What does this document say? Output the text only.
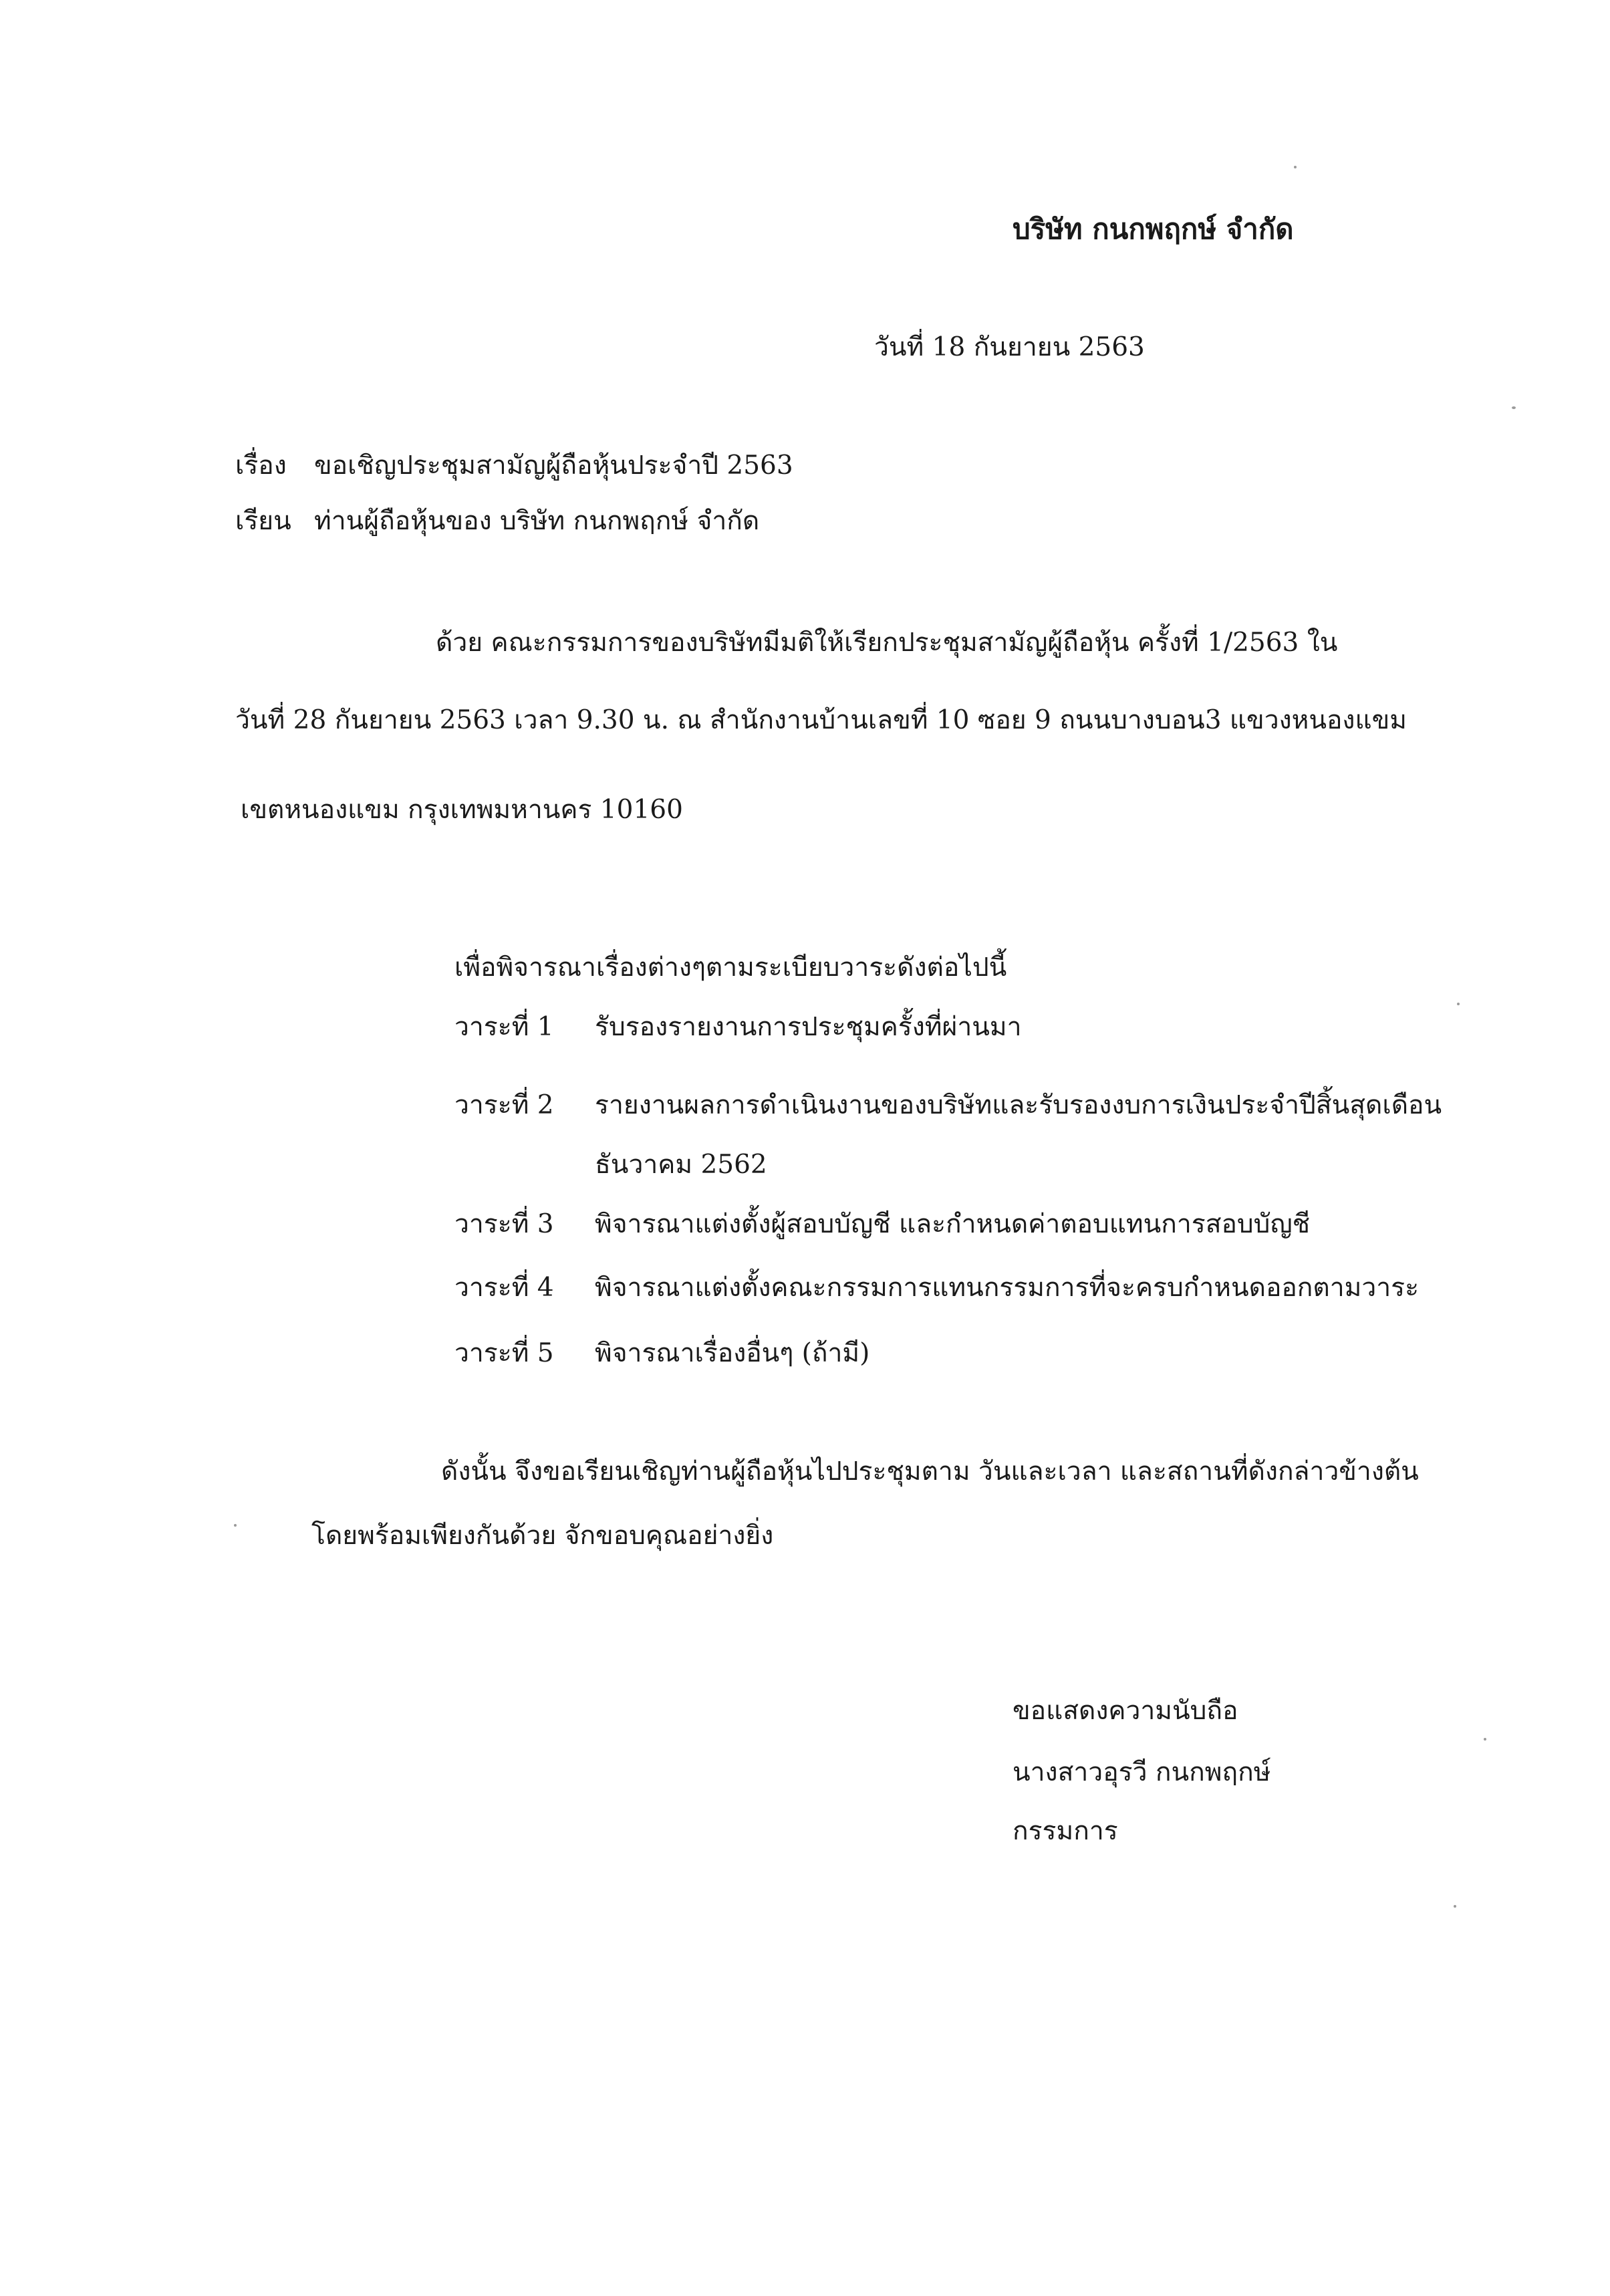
บริษัท กนกพฤกษ์ จำกัด
วันที่ 18 กันยายน 2563
เรื่อง ขอเชิญประชุมสามัญผู้ถือหุ้นประจำปี 2563
เรียน ท่านผู้ถือหุ้นของ บริษัท กนกพฤกษ์ จำกัด
ด้วย คณะกรรมการของบริษัทมีมติให้เรียกประชุมสามัญผู้ถือหุ้น ครั้งที่ 1/2563 ใน
วันที่ 28 กันยายน 2563 เวลา 9.30 น. ณ สำนักงานบ้านเลขที่ 10 ซอย 9 ถนนบางบอน3 แขวงหนองแขม
เขตหนองแขม กรุงเทพมหานคร 10160
เพื่อพิจารณาเรื่องต่างๆตามระเบียบวาระดังต่อไปนี้
วาระที่ 1 รับรองรายงานการประชุมครั้งที่ผ่านมา
วาระที่ 2 รายงานผลการดำเนินงานของบริษัทและรับรองงบการเงินประจำปีสิ้นสุดเดือน
ธันวาคม 2562
วาระที่ 3 พิจารณาแต่งตั้งผู้สอบบัญชี และกำหนดค่าตอบแทนการสอบบัญชี
วาระที่ 4 พิจารณาแต่งตั้งคณะกรรมการแทนกรรมการที่จะครบกำหนดออกตามวาระ
วาระที่ 5 พิจารณาเรื่องอื่นๆ (ถ้ามี)
ดังนั้น จึงขอเรียนเชิญท่านผู้ถือหุ้นไปประชุมตาม วันและเวลา และสถานที่ดังกล่าวข้างต้น
โดยพร้อมเพียงกันด้วย จักขอบคุณอย่างยิ่ง
ขอแสดงความนับถือ
นางสาวอุรวี กนกพฤกษ์
กรรมการ
